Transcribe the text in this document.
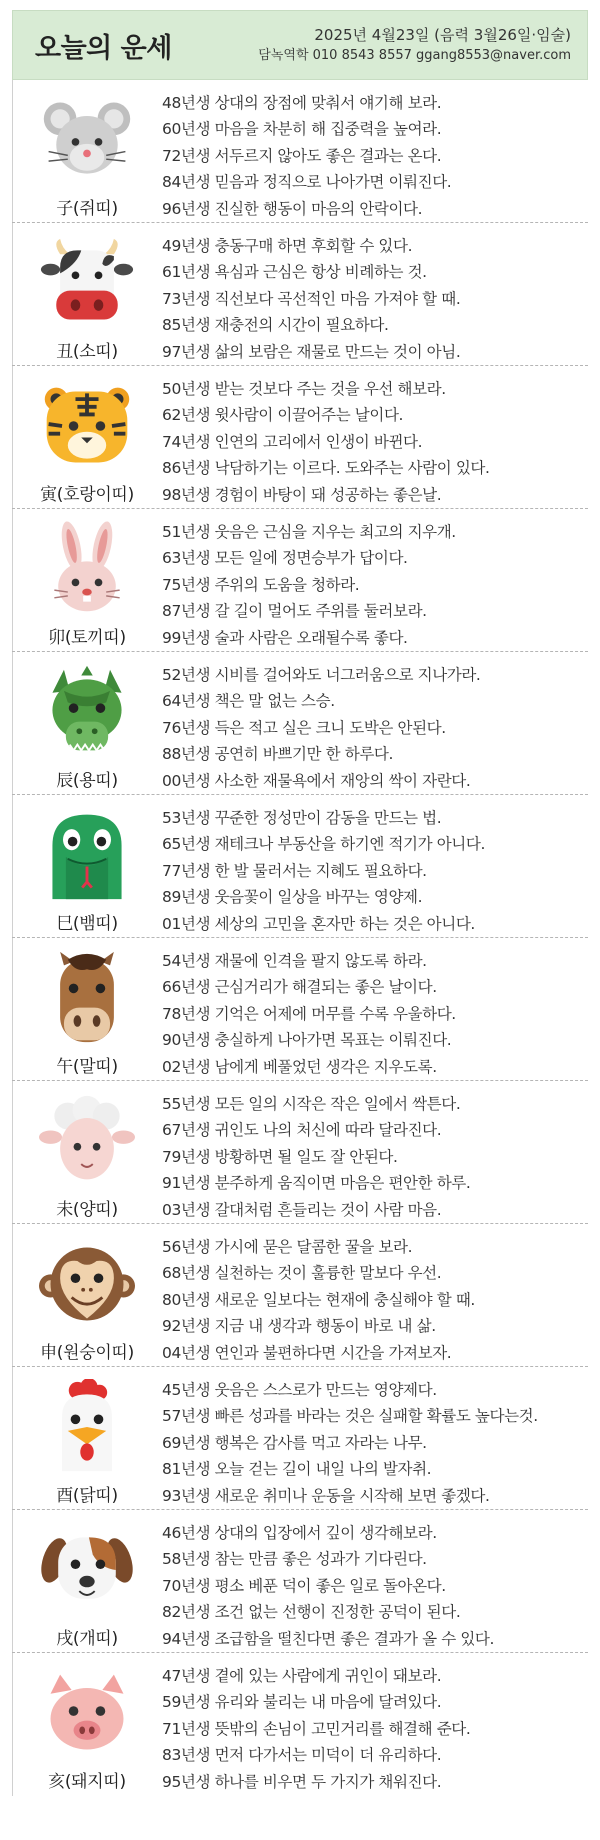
오늘의 운세	2025년 4월23일 (음력 3월26일·임술)
담녹역학 010 8543 8557 ggang8553@naver.com
子(쥐띠)
48년생 상대의 장점에 맞춰서 얘기해 보라.
60년생 마음을 차분히 해 집중력을 높여라.
72년생 서두르지 않아도 좋은 결과는 온다.
84년생 믿음과 정직으로 나아가면 이뤄진다.
96년생 진실한 행동이 마음의 안락이다.
丑(소띠)
49년생 충동구매 하면 후회할 수 있다.
61년생 욕심과 근심은 항상 비례하는 것.
73년생 직선보다 곡선적인 마음 가져야 할 때.
85년생 재충전의 시간이 필요하다.
97년생 삶의 보람은 재물로 만드는 것이 아님.
寅(호랑이띠)
50년생 받는 것보다 주는 것을 우선 해보라.
62년생 윗사람이 이끌어주는 날이다.
74년생 인연의 고리에서 인생이 바뀐다.
86년생 낙담하기는 이르다. 도와주는 사람이 있다.
98년생 경험이 바탕이 돼 성공하는 좋은날.
卯(토끼띠)
51년생 웃음은 근심을 지우는 최고의 지우개.
63년생 모든 일에 정면승부가 답이다.
75년생 주위의 도움을 청하라.
87년생 갈 길이 멀어도 주위를 둘러보라.
99년생 술과 사람은 오래될수록 좋다.
辰(용띠)
52년생 시비를 걸어와도 너그러움으로 지나가라.
64년생 책은 말 없는 스승.
76년생 득은 적고 실은 크니 도박은 안된다.
88년생 공연히 바쁘기만 한 하루다.
00년생 사소한 재물욕에서 재앙의 싹이 자란다.
巳(뱀띠)
53년생 꾸준한 정성만이 감동을 만드는 법.
65년생 재테크나 부동산을 하기엔 적기가 아니다.
77년생 한 발 물러서는 지혜도 필요하다.
89년생 웃음꽃이 일상을 바꾸는 영양제.
01년생 세상의 고민을 혼자만 하는 것은 아니다.
午(말띠)
54년생 재물에 인격을 팔지 않도록 하라.
66년생 근심거리가 해결되는 좋은 날이다.
78년생 기억은 어제에 머무를 수록 우울하다.
90년생 충실하게 나아가면 목표는 이뤄진다.
02년생 남에게 베풀었던 생각은 지우도록.
未(양띠)
55년생 모든 일의 시작은 작은 일에서 싹튼다.
67년생 귀인도 나의 처신에 따라 달라진다.
79년생 방황하면 될 일도 잘 안된다.
91년생 분주하게 움직이면 마음은 편안한 하루.
03년생 갈대처럼 흔들리는 것이 사람 마음.
申(원숭이띠)
56년생 가시에 묻은 달콤한 꿀을 보라.
68년생 실천하는 것이 훌륭한 말보다 우선.
80년생 새로운 일보다는 현재에 충실해야 할 때.
92년생 지금 내 생각과 행동이 바로 내 삶.
04년생 연인과 불편하다면 시간을 가져보자.
酉(닭띠)
45년생 웃음은 스스로가 만드는 영양제다.
57년생 빠른 성과를 바라는 것은 실패할 확률도 높다는것.
69년생 행복은 감사를 먹고 자라는 나무.
81년생 오늘 걷는 길이 내일 나의 발자취.
93년생 새로운 취미나 운동을 시작해 보면 좋겠다.
戌(개띠)
46년생 상대의 입장에서 깊이 생각해보라.
58년생 참는 만큼 좋은 성과가 기다린다.
70년생 평소 베푼 덕이 좋은 일로 돌아온다.
82년생 조건 없는 선행이 진정한 공덕이 된다.
94년생 조급함을 떨친다면 좋은 결과가 올 수 있다.
亥(돼지띠)
47년생 곁에 있는 사람에게 귀인이 돼보라.
59년생 유리와 불리는 내 마음에 달려있다.
71년생 뜻밖의 손님이 고민거리를 해결해 준다.
83년생 먼저 다가서는 미덕이 더 유리하다.
95년생 하나를 비우면 두 가지가 채워진다.
